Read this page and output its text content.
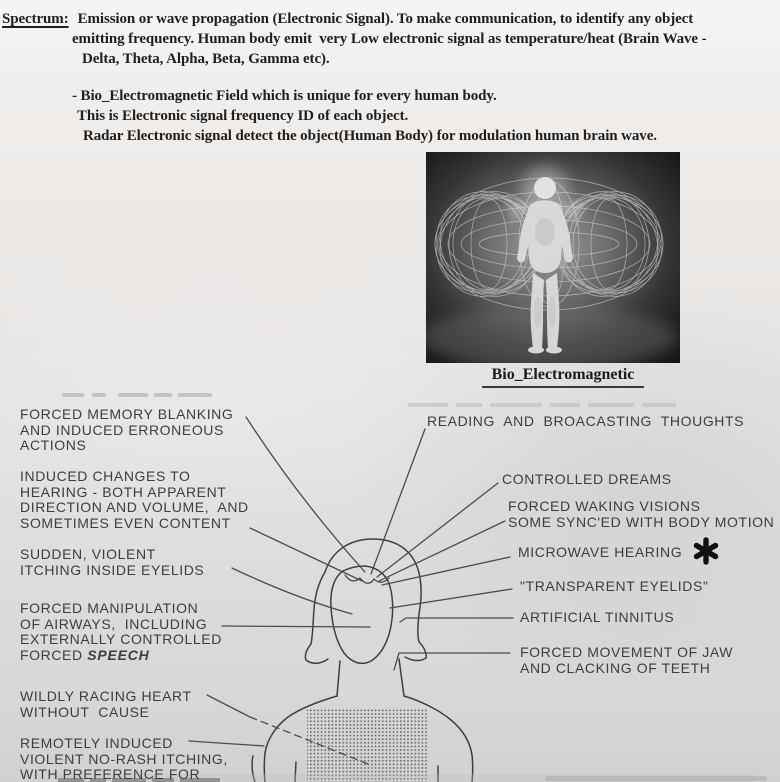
Spectrum: Emission or wave propagation (Electronic Signal). To make communication, to identify any object
emitting frequency. Human body emit  very Low electronic signal as temperature/heat (Brain Wave -
Delta, Theta, Alpha, Beta, Gamma etc).
- Bio_Electromagnetic Field which is unique for every human body.
This is Electronic signal frequency ID of each object.
Radar Electronic signal detect the object(Human Body) for modulation human brain wave.
Bio_Electromagnetic
FORCED MEMORY BLANKING
AND INDUCED ERRONEOUS
ACTIONS
INDUCED CHANGES TO
HEARING - BOTH APPARENT
DIRECTION AND VOLUME,  AND
SOMETIMES EVEN CONTENT
SUDDEN, VIOLENT
ITCHING INSIDE EYELIDS
FORCED MANIPULATION
OF AIRWAYS,  INCLUDING
EXTERNALLY CONTROLLED
FORCED SPEECH
WILDLY RACING HEART
WITHOUT  CAUSE
REMOTELY INDUCED
VIOLENT NO-RASH ITCHING,
WITH PREFERENCE FOR
READING  AND  BROACASTING  THOUGHTS
CONTROLLED DREAMS
FORCED WAKING VISIONS
SOME SYNC'ED WITH BODY MOTION
MICROWAVE HEARING
"TRANSPARENT EYELIDS"
ARTIFICIAL TINNITUS
FORCED MOVEMENT OF JAW
AND CLACKING OF TEETH
